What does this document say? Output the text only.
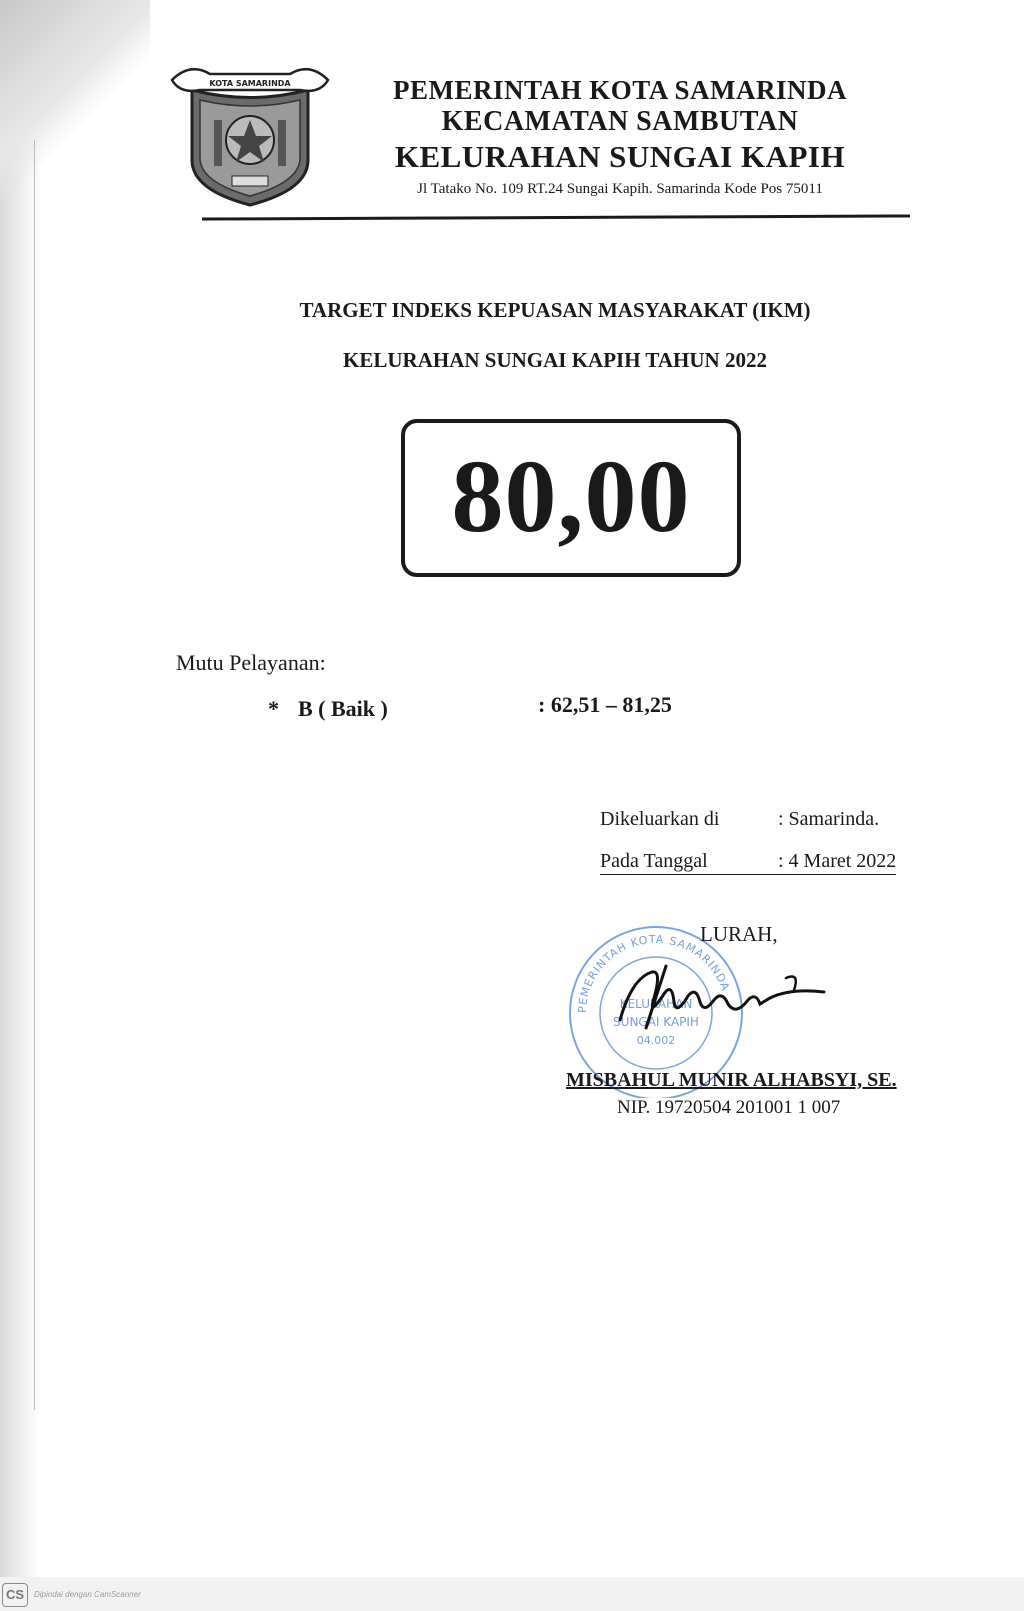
KOTA SAMARINDA	PEMERINTAH KOTA SAMARINDA
KECAMATAN SAMBUTAN
KELURAHAN SUNGAI KAPIH
Jl Tatako No. 109 RT.24 Sungai Kapih. Samarinda Kode Pos 75011
TARGET INDEKS KEPUASAN MASYARAKAT (IKM)
KELURAHAN SUNGAI KAPIH TAHUN 2022
80,00
Mutu Pelayanan:
* B ( Baik )	: 62,51 – 81,25
Dikeluarkan di	: Samarinda.
Pada Tanggal	: 4 Maret 2022
PEMERINTAH KOTA SAMARINDA
KELURAHAN
SUNGAI KAPIH
04.002
LURAH,
MISBAHUL MUNIR ALHABSYI, SE.
NIP. 19720504 201001 1 007
CS	Dipindai dengan CamScanner
